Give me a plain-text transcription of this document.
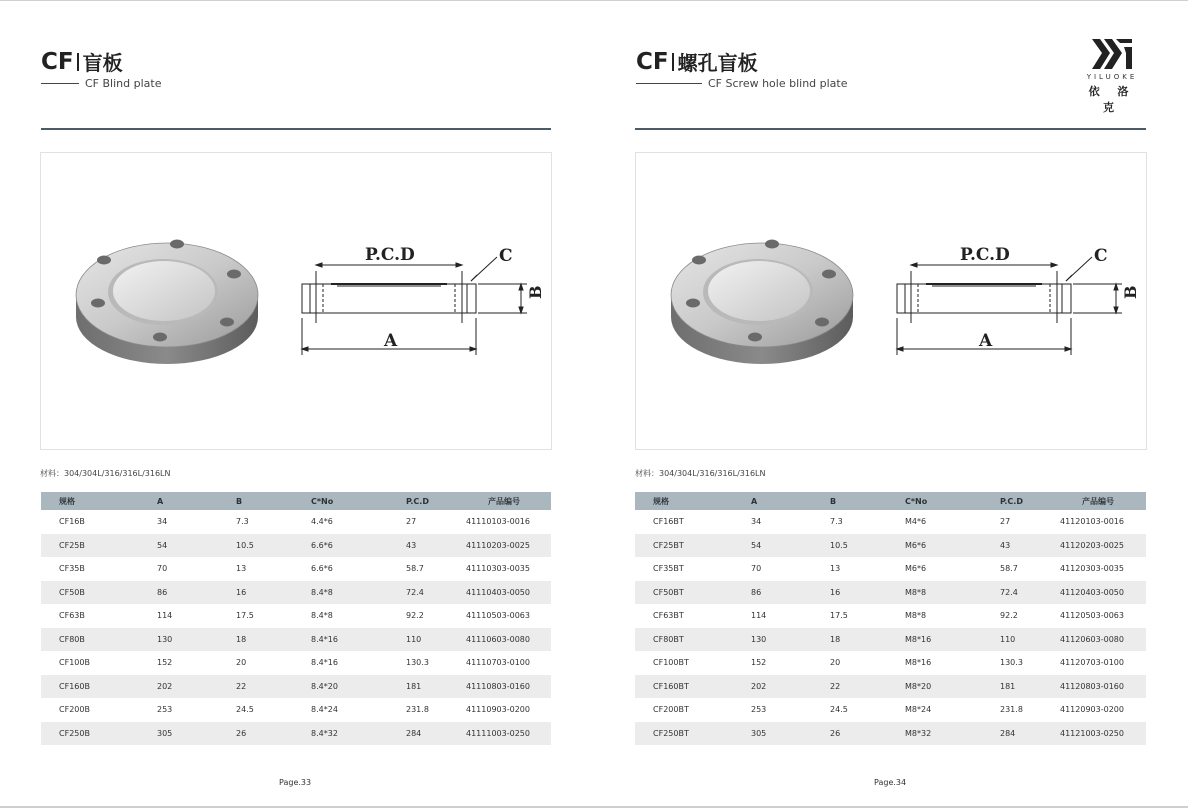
CF 盲板
CF Blind plate
P.C.D
A
C
B
材料：304/304L/316/316L/316LN
规格	A	B	C*No	P.C.D	产品编号
CF16B	34	7.3	4.4*6	27	41110103-0016
CF25B	54	10.5	6.6*6	43	41110203-0025
CF35B	70	13	6.6*6	58.7	41110303-0035
CF50B	86	16	8.4*8	72.4	41110403-0050
CF63B	114	17.5	8.4*8	92.2	41110503-0063
CF80B	130	18	8.4*16	110	41110603-0080
CF100B	152	20	8.4*16	130.3	41110703-0100
CF160B	202	22	8.4*20	181	41110803-0160
CF200B	253	24.5	8.4*24	231.8	41110903-0200
CF250B	305	26	8.4*32	284	41111003-0250
Page.33
CF 螺孔盲板
CF Screw hole blind plate
P.C.D
A
C
B
材料：304/304L/316/316L/316LN
规格	A	B	C*No	P.C.D	产品编号
CF16BT	34	7.3	M4*6	27	41120103-0016
CF25BT	54	10.5	M6*6	43	41120203-0025
CF35BT	70	13	M6*6	58.7	41120303-0035
CF50BT	86	16	M8*8	72.4	41120403-0050
CF63BT	114	17.5	M8*8	92.2	41120503-0063
CF80BT	130	18	M8*16	110	41120603-0080
CF100BT	152	20	M8*16	130.3	41120703-0100
CF160BT	202	22	M8*20	181	41120803-0160
CF200BT	253	24.5	M8*24	231.8	41120903-0200
CF250BT	305	26	M8*32	284	41121003-0250
Page.34
YILUOKE
依 洛 克
